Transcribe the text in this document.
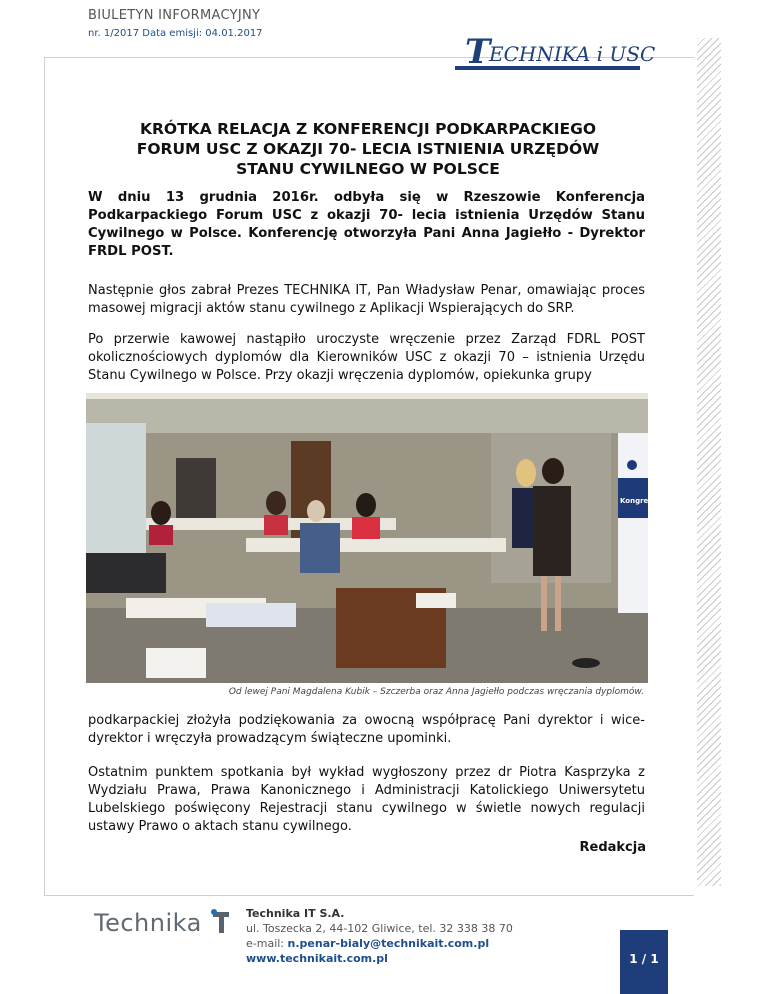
BIULETYN INFORMACYJNY
nr. 1/2017 Data emisji: 04.01.2017	T
ECHNIKA i USC
KRÓTKA RELACJA Z KONFERENCJI PODKARPACKIEGO
FORUM USC Z OKAZJI 70- LECIA ISTNIENIA URZĘDÓW
STANU CYWILNEGO W POLSCE

W dniu 13 grudnia 2016r. odbyła się w Rzeszowie Konferencja Podkarpackiego Forum USC z okazji 70- lecia istnienia Urzędów Stanu Cywilnego w Polsce. Konferencję otworzyła Pani Anna Jagiełło - Dyrektor FRDL POST.

Następnie głos zabrał Prezes TECHNIKA IT, Pan Władysław Penar, omawiając proces masowej migracji aktów stanu cywilnego z Aplikacji Wspierających do SRP.

Po przerwie kawowej nastąpiło uroczyste wręczenie przez Zarząd FDRL POST okolicznościowych dyplomów dla Kierowników USC z okazji 70 – istnienia Urzędu Stanu Cywilnego w Polsce. Przy okazji wręczenia dyplomów, opiekunka grupy

Kongres
Od lewej Pani Magdalena Kubik – Szczerba oraz Anna Jagiełło podczas wręczania dyplomów.

podkarpackiej złożyła podziękowania za owocną współpracę Pani dyrektor i wice-dyrektor i wręczyła prowadzącym świąteczne upominki.

Ostatnim punktem spotkania był wykład wygłoszony przez dr Piotra Kasprzyka z Wydziału Prawa, Prawa Kanonicznego i Administracji Katolickiego Uniwersytetu Lubelskiego poświęcony Rejestracji stanu cywilnego w świetle nowych regulacji ustawy Prawo o aktach stanu cywilnego.

Redakcja
Technika	Technika IT S.A.
ul. Toszecka 2, 44-102 Gliwice, tel. 32 338 38 70
e-mail: n.penar-bialy@technikait.com.pl
www.technikait.com.pl	1 / 1
